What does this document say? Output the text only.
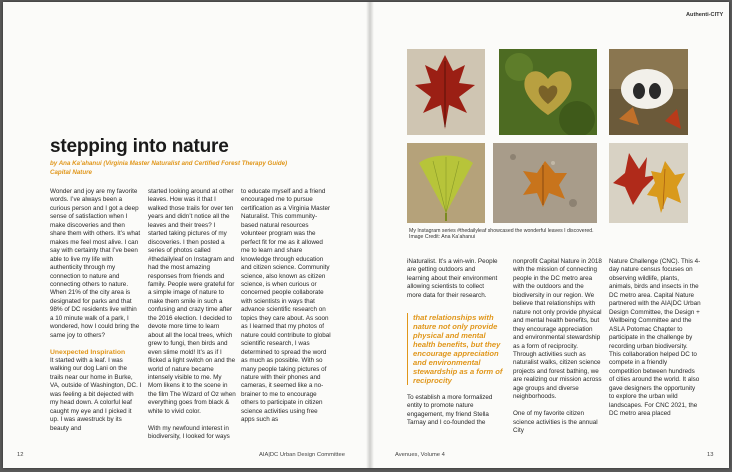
Authenti-CITY
stepping into nature
by Ana Ka’ahanui (Virginia Master Naturalist and Certified Forest Therapy Guide)
Capital Nature

Wonder and joy are my favorite words. I’ve always been a curious person and I got a deep sense of satisfaction when I make discoveries and then share them with others. It’s what makes me feel most alive. I can say with certainty that I’ve been able to live my life with authenticity through my connection to nature and connecting others to nature. When 21% of the city area is designated for parks and that 98% of DC residents live within a 10 minute walk of a park, I wondered, how I could bring the same joy to others?

Unexpected Inspiration

It started with a leaf. I was walking our dog Lani on the trails near our home in Burke, VA, outside of Washington, DC. I was feeling a bit dejected with my head down. A colorful leaf caught my eye and I picked it up. I was awestruck by its beauty and

started looking around at other leaves. How was it that I walked those trails for over ten years and didn’t notice all the leaves and their trees? I started taking pictures of my discoveries. I then posted a series of photos called #thedailyleaf on Instagram and had the most amazing responses from friends and family. People were grateful for a simple image of nature to make them smile in such a confusing and crazy time after the 2016 election. I decided to devote more time to learn about all the local trees, which grew to fungi, then birds and even slime mold! It’s as if I flicked a light switch on and the world of nature became intensely visible to me. My Mom likens it to the scene in the film The Wizard of Oz when everything goes from black & white to vivid color.

With my newfound interest in biodiversity, I looked for ways

to educate myself and a friend encouraged me to pursue certification as a Virginia Master Naturalist. This community-based natural resources volunteer program was the perfect fit for me as it allowed me to learn and share knowledge through education and citizen science. Community science, also known as citizen science, is when curious or concerned people collaborate with scientists in ways that advance scientific research on topics they care about. As soon as I learned that my photos of nature could contribute to global scientific research, I was determined to spread the word as much as possible. With so many people taking pictures of nature with their phones and cameras, it seemed like a no-brainer to me to encourage others to participate in citizen science activities using free apps such as

My Instagram series #thedailyleaf showcased the wonderful leaves I discovered. Image Credit: Ana Ka’ahanui

iNaturalist. It’s a win-win. People are getting outdoors and learning about their environment allowing scientists to collect more data for their research.

that relationships with nature not only provide physical and mental health benefits, but they encourage appreciation and environmental stewardship as a form of reciprocity

To establish a more formalized entity to promote nature engagement, my friend Stella Tarnay and I co-founded the

nonprofit Capital Nature in 2018 with the mission of connecting people in the DC metro area with the outdoors and the biodiversity in our region. We believe that relationships with nature not only provide physical and mental health benefits, but they encourage appreciation and environmental stewardship as a form of reciprocity. Through activities such as naturalist walks, citizen science projects and forest bathing, we are realizing our mission across age groups and diverse neighborhoods.

One of my favorite citizen science activities is the annual City

Nature Challenge (CNC). This 4-day nature census focuses on observing wildlife, plants, animals, birds and insects in the DC metro area. Capital Nature partnered with the AIA|DC Urban Design Committee, the Design + Wellbeing Committee and the ASLA Potomac Chapter to participate in the challenge by recording urban biodiversity. This collaboration helped DC to compete in a friendly competition between hundreds of cities around the world. It also gave designers the opportunity to explore the urban wild landscapes. For CNC 2021, the DC metro area placed

12	AIA|DC Urban Design Committee	Avenues, Volume 4	13
